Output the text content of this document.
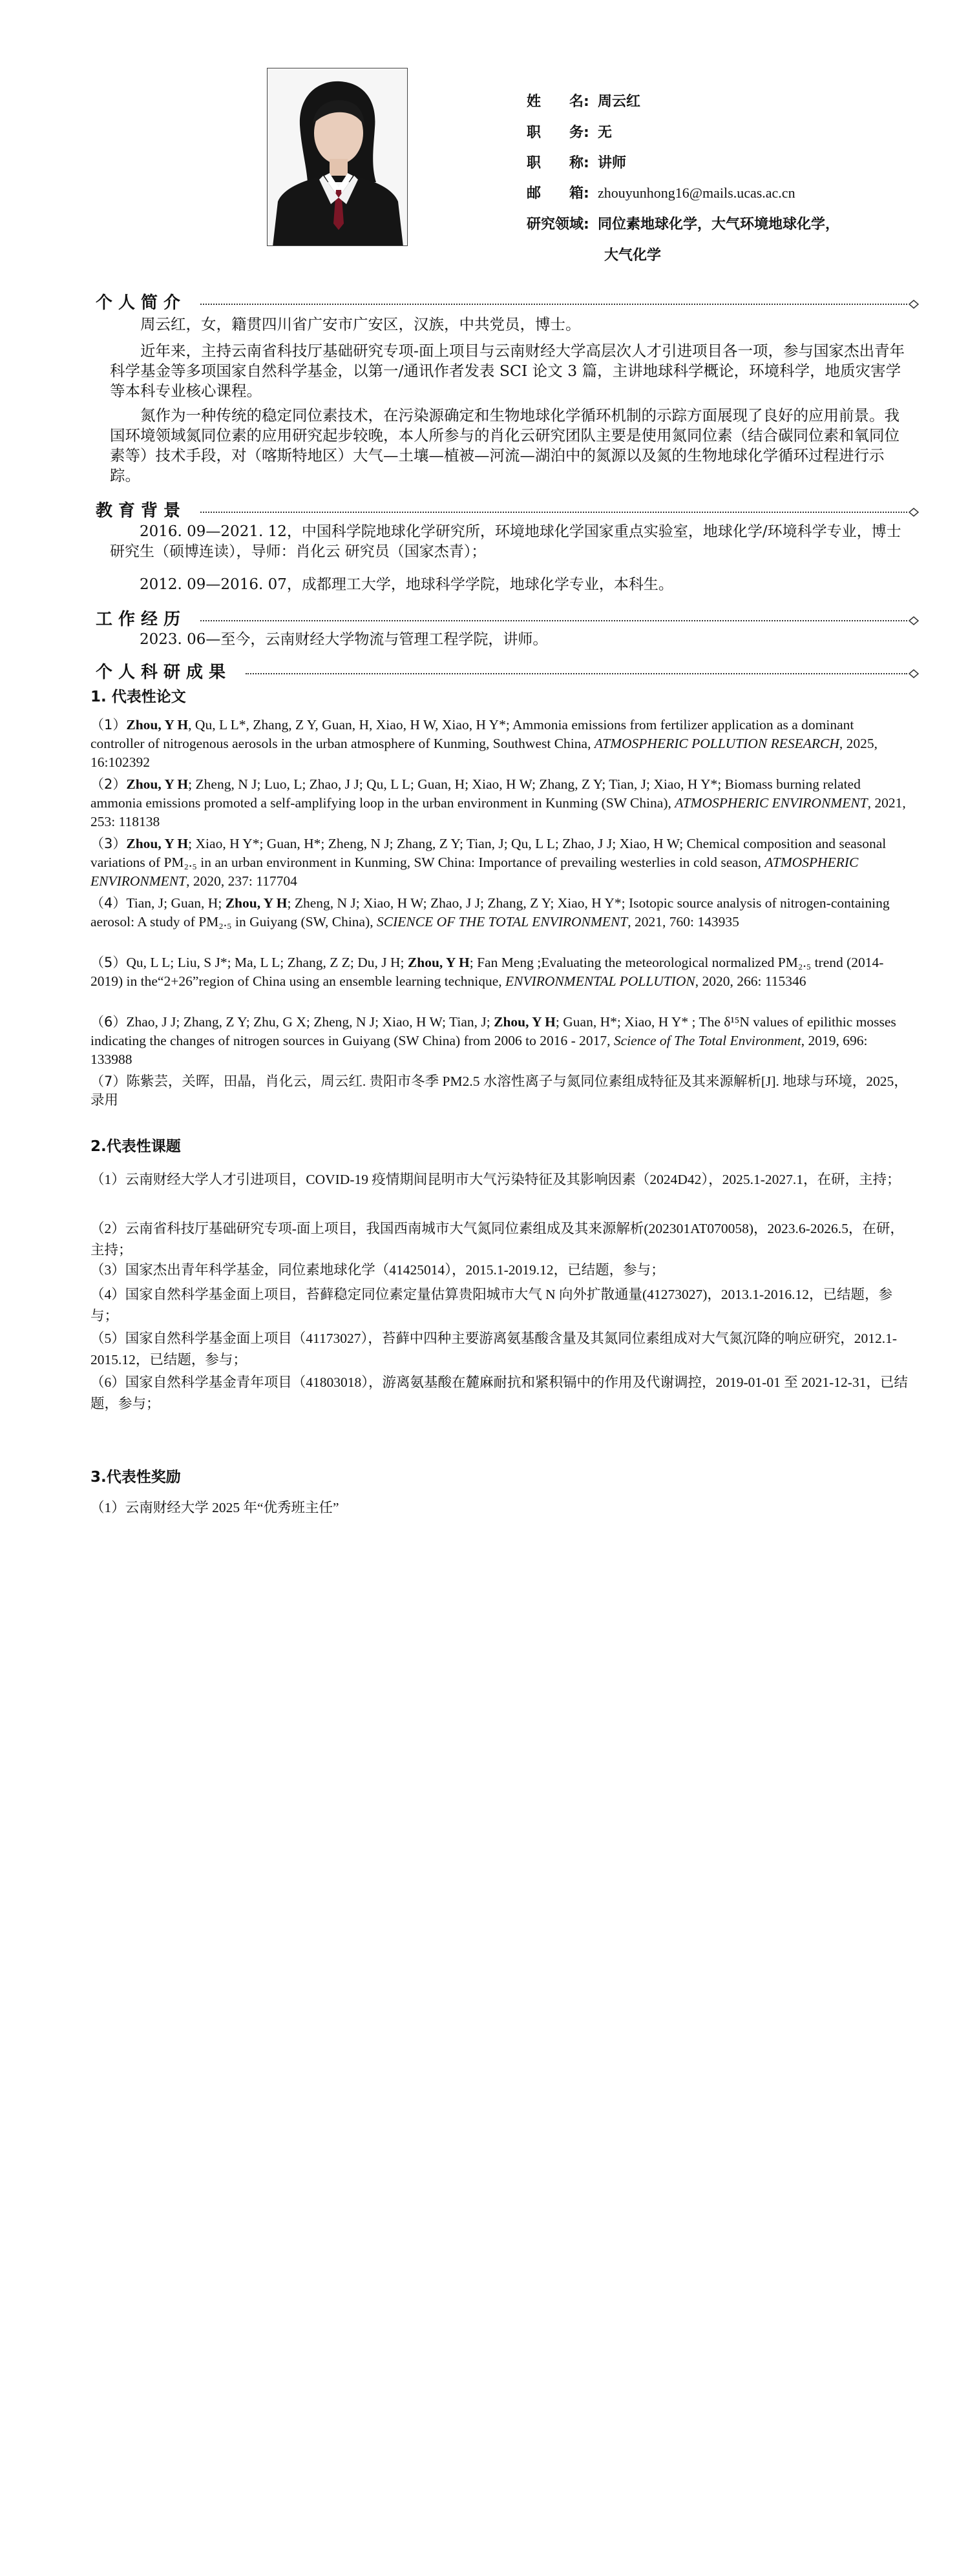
姓　　名: 周云红
职　　务: 无
职　　称: 讲师
邮　　箱: zhouyunhong16@mails.ucas.ac.cn
研究领域: 同位素地球化学，大气环境地球化学，
大气化学
个人简介
周云红，女，籍贯四川省广安市广安区，汉族，中共党员，博士。
近年来，主持云南省科技厅基础研究专项-面上项目与云南财经大学高层次人才引进项目各一项，参与国家杰出青年科学基金等多项国家自然科学基金，以第一/通讯作者发表 SCI 论文 3 篇，主讲地球科学概论，环境科学，地质灾害学等本科专业核心课程。
氮作为一种传统的稳定同位素技术，在污染源确定和生物地球化学循环机制的示踪方面展现了良好的应用前景。我国环境领域氮同位素的应用研究起步较晚，本人所参与的肖化云研究团队主要是使用氮同位素（结合碳同位素和氧同位素等）技术手段，对（喀斯特地区）大气—土壤—植被—河流—湖泊中的氮源以及氮的生物地球化学循环过程进行示踪。
教育背景
2016. 09—2021. 12，中国科学院地球化学研究所，环境地球化学国家重点实验室，地球化学/环境科学专业，博士研究生（硕博连读），导师：肖化云 研究员（国家杰青）；
2012. 09—2016. 07，成都理工大学，地球科学学院，地球化学专业，本科生。
工作经历
2023. 06—至今，云南财经大学物流与管理工程学院，讲师。
个人科研成果
1. 代表性论文
（1）Zhou, Y H, Qu, L L*, Zhang, Z Y, Guan, H, Xiao, H W, Xiao, H Y*; Ammonia emissions from fertilizer application as a dominant controller of nitrogenous aerosols in the urban atmosphere of Kunming, Southwest China, ATMOSPHERIC POLLUTION RESEARCH, 2025, 16:102392
（2）Zhou, Y H; Zheng, N J; Luo, L; Zhao, J J; Qu, L L; Guan, H; Xiao, H W; Zhang, Z Y; Tian, J; Xiao, H Y*; Biomass burning related ammonia emissions promoted a self-amplifying loop in the urban environment in Kunming (SW China), ATMOSPHERIC ENVIRONMENT, 2021, 253: 118138
（3）Zhou, Y H; Xiao, H Y*; Guan, H*; Zheng, N J; Zhang, Z Y; Tian, J; Qu, L L; Zhao, J J; Xiao, H W; Chemical composition and seasonal variations of PM₂.₅ in an urban environment in Kunming, SW China: Importance of prevailing westerlies in cold season, ATMOSPHERIC ENVIRONMENT, 2020, 237: 117704
（4）Tian, J; Guan, H; Zhou, Y H; Zheng, N J; Xiao, H W; Zhao, J J; Zhang, Z Y; Xiao, H Y*; Isotopic source analysis of nitrogen-containing aerosol: A study of PM₂.₅ in Guiyang (SW, China), SCIENCE OF THE TOTAL ENVIRONMENT, 2021, 760: 143935
（5）Qu, L L; Liu, S J*; Ma, L L; Zhang, Z Z; Du, J H; Zhou, Y H; Fan Meng ;Evaluating the meteorological normalized PM₂.₅ trend (2014-2019) in the“2+26”region of China using an ensemble learning technique, ENVIRONMENTAL POLLUTION, 2020, 266: 115346
（6）Zhao, J J; Zhang, Z Y; Zhu, G X; Zheng, N J; Xiao, H W; Tian, J; Zhou, Y H; Guan, H*; Xiao, H Y* ; The δ¹⁵N values of epilithic mosses indicating the changes of nitrogen sources in Guiyang (SW China) from 2006 to 2016 - 2017, Science of The Total Environment, 2019, 696: 133988
（7）陈紫芸，关晖，田晶，肖化云，周云红. 贵阳市冬季 PM2.5 水溶性离子与氮同位素组成特征及其来源解析[J]. 地球与环境，2025，　录用
2.代表性课题
（1）云南财经大学人才引进项目，COVID-19 疫情期间昆明市大气污染特征及其影响因素（2024D42），2025.1-2027.1，在研，主持；
（2）云南省科技厅基础研究专项-面上项目，我国西南城市大气氮同位素组成及其来源解析(202301AT070058)，2023.6-2026.5，在研，主持；
（3）国家杰出青年科学基金，同位素地球化学（41425014），2015.1-2019.12，已结题，参与；
（4）国家自然科学基金面上项目，苔藓稳定同位素定量估算贵阳城市大气 N 向外扩散通量(41273027)，2013.1-2016.12，已结题，参与；
（5）国家自然科学基金面上项目（41173027），苔藓中四种主要游离氨基酸含量及其氮同位素组成对大气氮沉降的响应研究，2012.1-2015.12，已结题，参与；
（6）国家自然科学基金青年项目（41803018），游离氨基酸在麓麻耐抗和紧积镉中的作用及代谢调控，2019-01-01 至 2021-12-31，已结题，参与；
3.代表性奖励
（1）云南财经大学 2025 年“优秀班主任”
